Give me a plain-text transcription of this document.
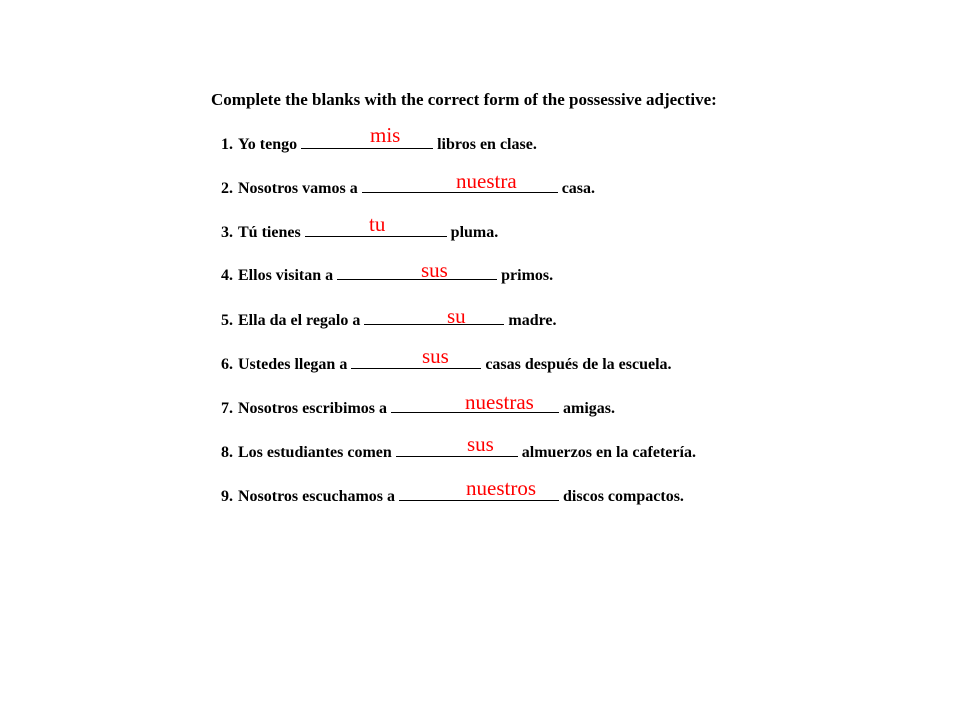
Complete the blanks with the correct form of the possessive adjective:
1. Yo tengo	libros en clase.
mis
2. Nosotros vamos a	casa.
nuestra
3. Tú tienes	pluma.
tu
4. Ellos visitan a	primos.
sus
5. Ella da el regalo a	madre.
su
6. Ustedes llegan a	casas después de la escuela.
sus
7. Nosotros escribimos a	amigas.
nuestras
8. Los estudiantes comen	almuerzos en la cafetería.
sus
9. Nosotros escuchamos a	discos compactos.
nuestros
